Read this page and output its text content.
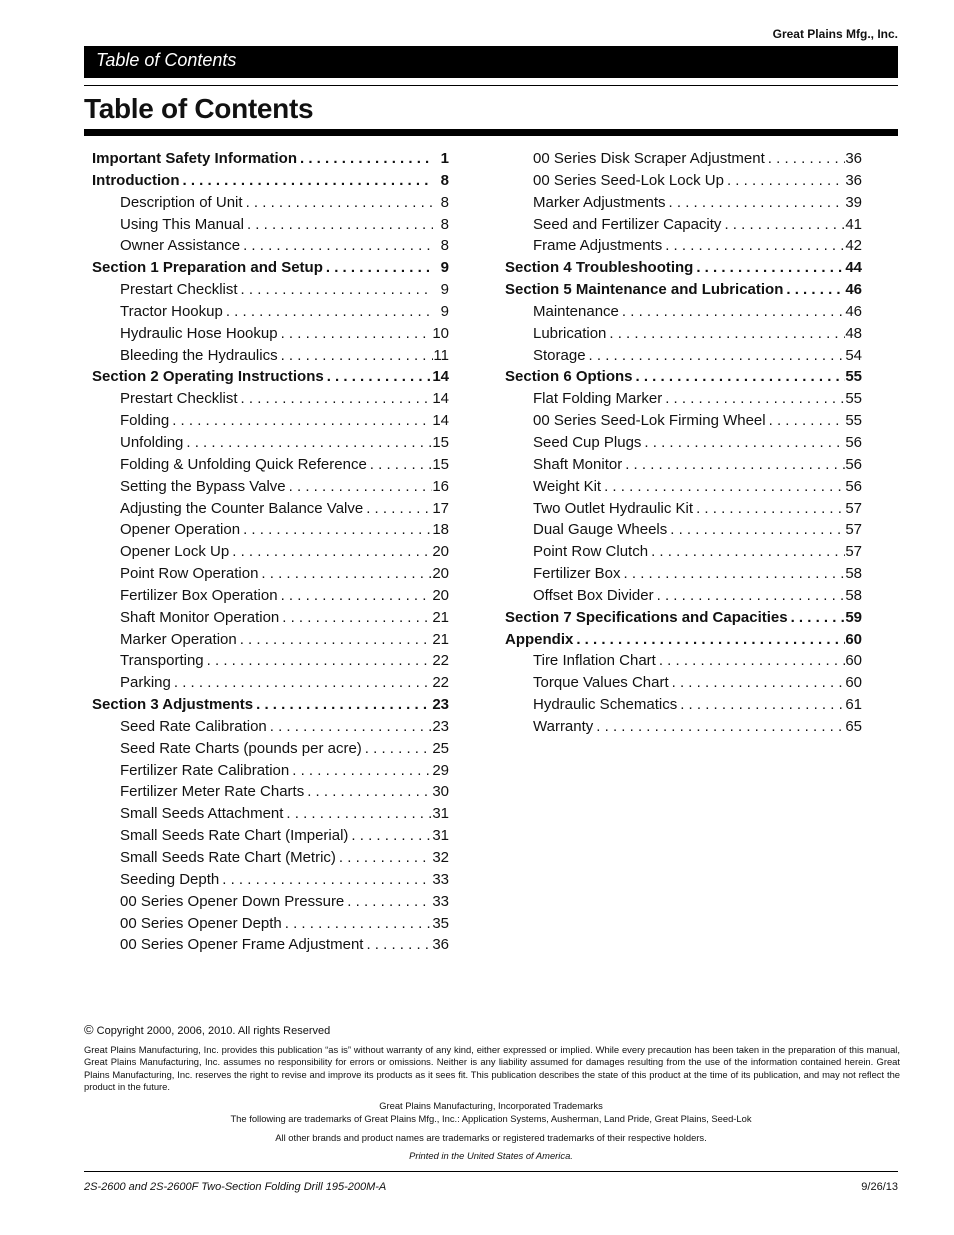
Great Plains Mfg., Inc.
Table of Contents
Table of Contents
Important Safety Information . . .	1
Introduction . . .	8
Description of Unit . . .	8
Using This Manual . . .	8
Owner Assistance . . .	8
Section 1 Preparation and Setup . . .	9
Prestart Checklist . . .	9
Tractor Hookup . . .	9
Hydraulic Hose Hookup . . .	10
Bleeding the Hydraulics . . .	11
Section 2 Operating Instructions . . .	14
Prestart Checklist . . .	14
Folding . . .	14
Unfolding . . .	15
Folding & Unfolding Quick Reference . . .	15
Setting the Bypass Valve . . .	16
Adjusting the Counter Balance Valve . . .	17
Opener Operation . . .	18
Opener Lock Up . . .	20
Point Row Operation . . .	20
Fertilizer Box Operation . . .	20
Shaft Monitor Operation . . .	21
Marker Operation . . .	21
Transporting . . .	22
Parking . . .	22
Section 3 Adjustments . . .	23
Seed Rate Calibration . . .	23
Seed Rate Charts (pounds per acre) . . .	25
Fertilizer Rate Calibration . . .	29
Fertilizer Meter Rate Charts . . .	30
Small Seeds Attachment . . .	31
Small Seeds Rate Chart (Imperial) . . .	31
Small Seeds Rate Chart (Metric) . . .	32
Seeding Depth . . .	33
00 Series Opener Down Pressure . . .	33
00 Series Opener Depth . . .	35
00 Series Opener Frame Adjustment . . .	36
00 Series Disk Scraper Adjustment . . .	36
00 Series Seed-Lok Lock Up . . .	36
Marker Adjustments . . .	39
Seed and Fertilizer Capacity . . .	41
Frame Adjustments . . .	42
Section 4 Troubleshooting . . .	44
Section 5 Maintenance and Lubrication . . .	46
Maintenance . . .	46
Lubrication . . .	48
Storage . . .	54
Section 6 Options . . .	55
Flat Folding Marker . . .	55
00 Series Seed-Lok Firming Wheel . . .	55
Seed Cup Plugs . . .	56
Shaft Monitor . . .	56
Weight Kit . . .	56
Two Outlet Hydraulic Kit . . .	57
Dual Gauge Wheels . . .	57
Point Row Clutch . . .	57
Fertilizer Box . . .	58
Offset Box Divider . . .	58
Section 7 Specifications and Capacities . . .	59
Appendix . . .	60
Tire Inflation Chart . . .	60
Torque Values Chart . . .	60
Hydraulic Schematics . . .	61
Warranty . . .	65
© Copyright 2000, 2006, 2010. All rights Reserved

Great Plains Manufacturing, Inc. provides this publication “as is” without warranty of any kind, either expressed or implied. While every precaution has been taken in the preparation of this manual, Great Plains Manufacturing, Inc. assumes no responsibility for errors or omissions. Neither is any liability assumed for damages resulting from the use of the information contained herein. Great Plains Manufacturing, Inc. reserves the right to revise and improve its products as it sees fit. This publication describes the state of this product at the time of its publication, and may not reflect the product in the future.

Great Plains Manufacturing, Incorporated Trademarks
The following are trademarks of Great Plains Mfg., Inc.: Application Systems, Ausherman, Land Pride, Great Plains, Seed-Lok
All other brands and product names are trademarks or registered trademarks of their respective holders.
Printed in the United States of America.
2S-2600 and 2S-2600F Two-Section Folding Drill 195-200M-A	9/26/13
